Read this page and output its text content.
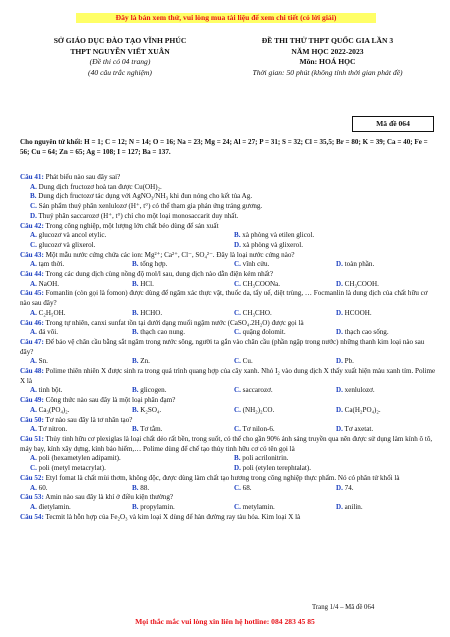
Đây là bản xem thử, vui lòng mua tài liệu để xem chi tiết (có lời giải)
SỞ GIÁO DỤC ĐÀO TẠO VĨNH PHÚC
THPT NGUYỄN VIẾT XUÂN
(Đề thi có 04 trang)
(40 câu trắc nghiệm)
ĐỀ THI THỬ THPT QUỐC GIA LẦN 3
NĂM HỌC 2022-2023
Môn: HOÁ HỌC
Thời gian: 50 phút (không tính thời gian phát đề)
Mã đề 064
Cho nguyên tử khối: H = 1; C = 12; N = 14; O = 16; Na = 23; Mg = 24; Al = 27; P = 31; S = 32; Cl = 35,5; Br = 80; K = 39; Ca = 40; Fe = 56; Cu = 64; Zn = 65; Ag = 108; I = 127; Ba = 137.
Câu 41: Phát biểu nào sau đây sai?
A. Dung dịch fructozơ hoà tan được Cu(OH)₂.
B. Dung dịch fructozơ tác dụng với AgNO₃/NH₃ khi đun nóng cho kết tủa Ag.
C. Sản phẩm thuỷ phân xenlulozơ (H⁺, t°) có thể tham gia phản ứng tráng gương.
D. Thuỷ phân saccarozơ (H⁺, t°) chỉ cho một loại monosaccarit duy nhất.
Câu 42: Trong công nghiệp, một lượng lớn chất béo dùng để sản xuất
A. glucozơ và ancol etylic.	B. xà phòng và etilen glicol.
C. glucozơ và glixerol.	D. xà phòng và glixerol.
Câu 43: Một mẫu nước cứng chứa các ion: Mg²⁺; Ca²⁺, Cl⁻, SO₄²⁻. Đây là loại nước cứng nào?
A. tạm thời.	B. tổng hợp.	C. vĩnh cửu.	D. toàn phần.
Câu 44: Trong các dung dịch cùng nồng độ mol/l sau, dung dịch nào dẫn điện kém nhất?
A. NaOH.	B. HCl.	C. CH₃COONa.	D. CH₃COOH.
Câu 45: Fomanlin (còn gọi là fomon) được dùng để ngâm xác thực vật, thuốc da, tẩy uế, diệt trùng, … Focmanlin là dung dịch của chất hữu cơ nào sau đây?
A. C₂H₅OH.	B. HCHO.	C. CH₃CHO.	D. HCOOH.
Câu 46: Trong tự nhiên, canxi sunfat tồn tại dưới dạng muối ngậm nước (CaSO₄.2H₂O) được gọi là
A. đá vôi.	B. thạch cao nung.	C. quặng đolomit.	D. thạch cao sống.
Câu 47: Để bảo vệ chân cầu bằng sắt ngâm trong nước sông, người ta gắn vào chân cầu (phần ngập trong nước) những thanh kim loại nào sau đây?
A. Sn.	B. Zn.	C. Cu.	D. Pb.
Câu 48: Polime thiên nhiên X được sinh ra trong quá trình quang hợp của cây xanh. Nhỏ I₂ vào dung dịch X thấy xuất hiện màu xanh tím. Polime X là
A. tinh bột.	B. glicogen.	C. saccarozơ.	D. xenlulozơ.
Câu 49: Công thức nào sau đây là một loại phân đạm?
A. Ca₃(PO₄)₂.	B. K₂SO₄.	C. (NH₂)₂CO.	D. Ca(H₂PO₄)₂.
Câu 50: Tơ nào sau đây là tơ nhân tạo?
A. Tơ nitron.	B. Tơ tằm.	C. Tơ nilon-6.	D. Tơ axetat.
Câu 51: Thủy tinh hữu cơ plexiglas là loại chất dẻo rất bền, trong suốt, có thể cho gần 90% ánh sáng truyền qua nên được sử dụng làm kính ô tô, máy bay, kính xây dựng, kính bảo hiểm,… Polime dùng để chế tạo thủy tinh hữu cơ có tên gọi là
A. poli (hexametylen adipamit).	B. poli acrilonitrin.
C. poli (metyl metacrylat).	D. poli (etylen terephtalat).
Câu 52: Etyl fomat là chất mùi thơm, không độc, được dùng làm chất tạo hương trong công nghiệp thực phẩm. Nó có phân tử khối là
A. 60.	B. 88.	C. 68.	D. 74.
Câu 53: Amin nào sau đây là khí ở điều kiện thường?
A. đietylamin.	B. propylamin.	C. metylamin.	D. anilin.
Câu 54: Tecmit là hỗn hợp của Fe₂O₃ và kim loại X dùng để hàn đường ray tàu hỏa. Kim loại X là
Trang 1/4 – Mã đề 064
Mọi thắc mắc vui lòng xin liên hệ hotline: 084 283 45 85
